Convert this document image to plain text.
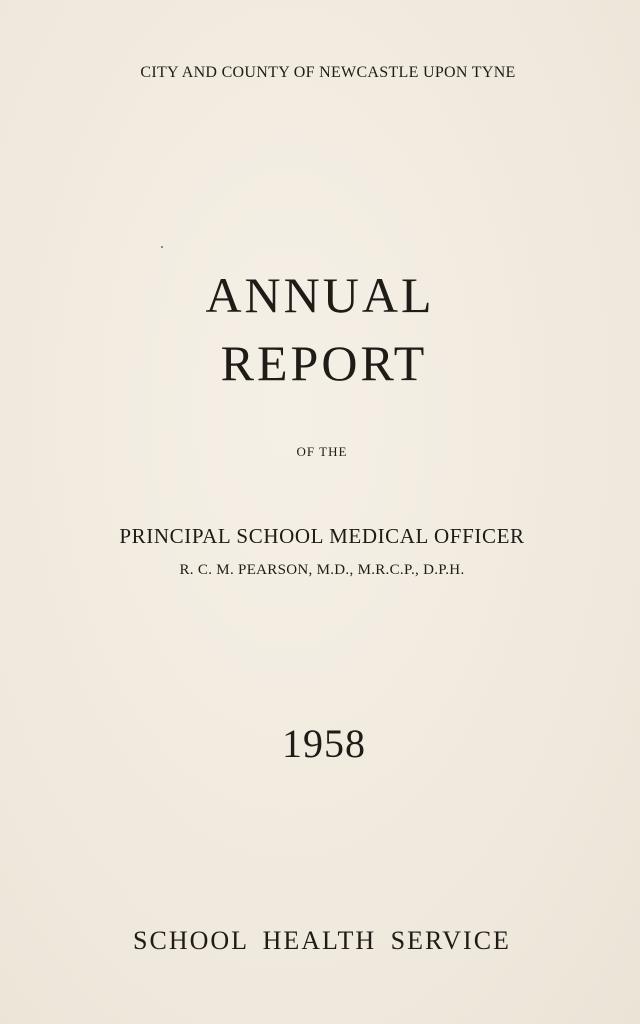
CITY AND COUNTY OF NEWCASTLE UPON TYNE
ANNUAL
REPORT
OF THE
PRINCIPAL SCHOOL MEDICAL OFFICER
R. C. M. PEARSON, M.D., M.R.C.P., D.P.H.
1958
SCHOOL HEALTH SERVICE
